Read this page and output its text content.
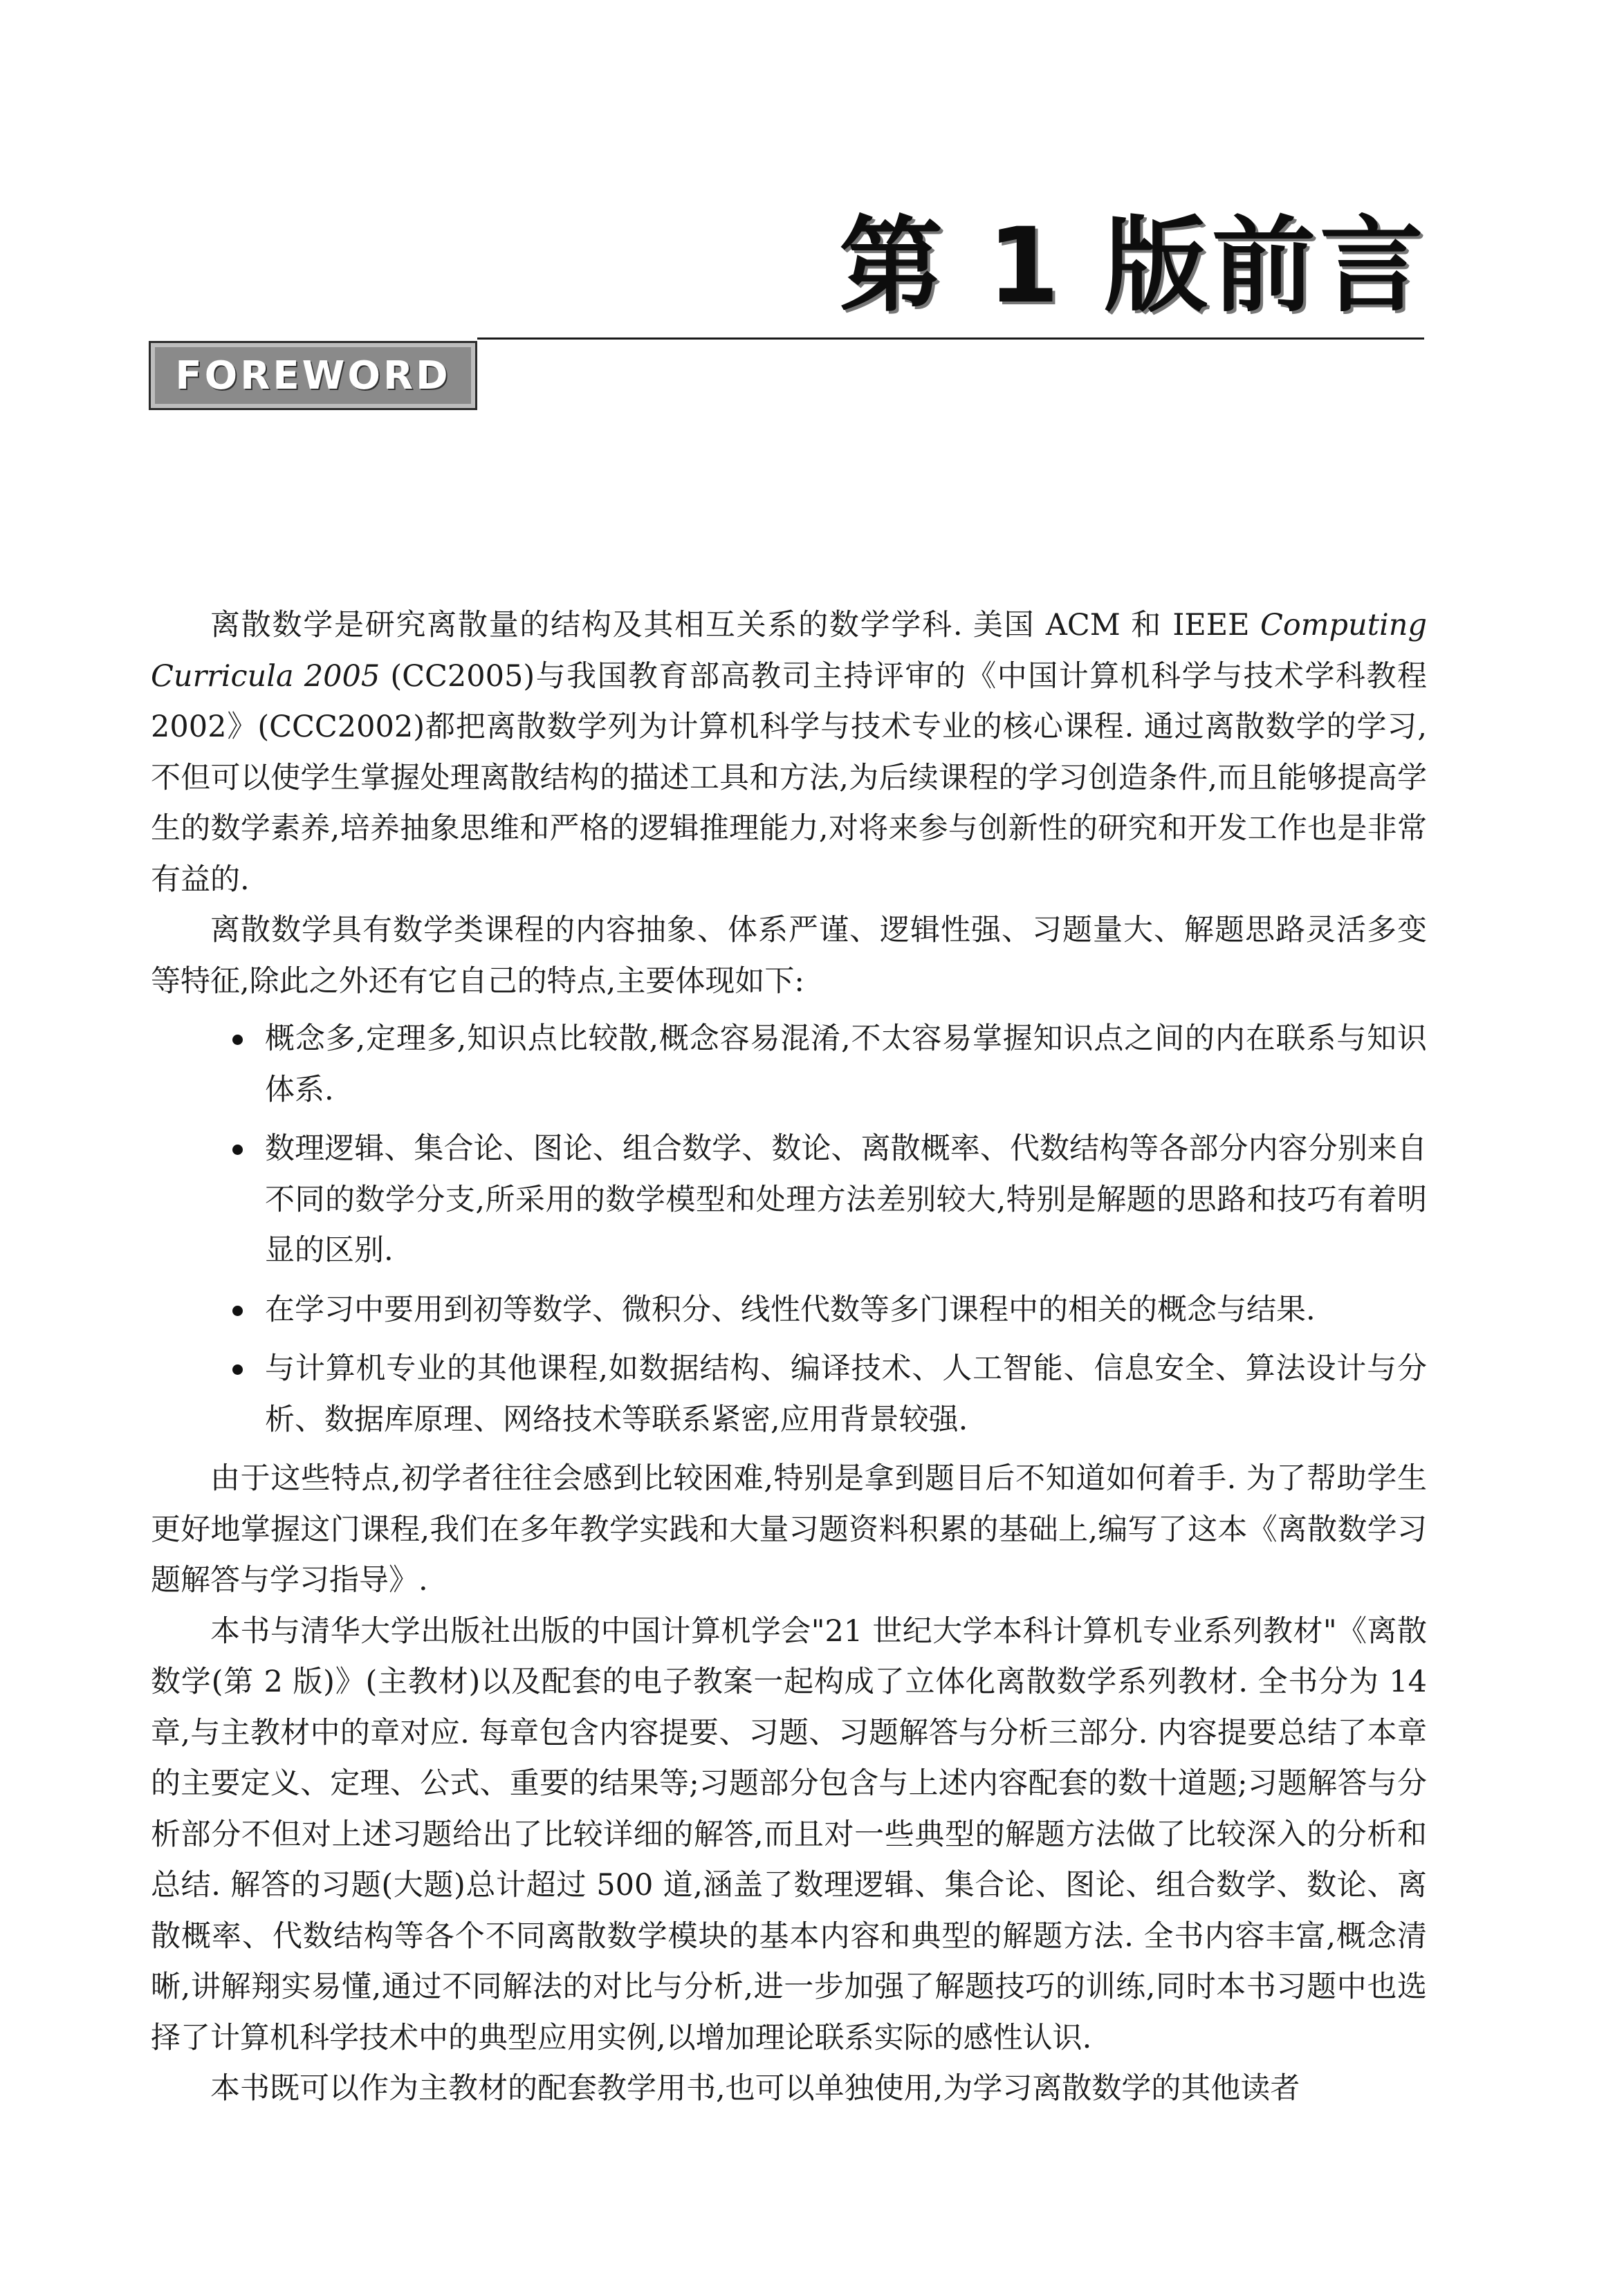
第 1 版前言
FOREWORD

离散数学是研究离散量的结构及其相互关系的数学学科. 美国 ACM 和 IEEE Computing Curricula 2005 (CC2005)与我国教育部高教司主持评审的《中国计算机科学与技术学科教程 2002》(CCC2002)都把离散数学列为计算机科学与技术专业的核心课程. 通过离散数学的学习,不但可以使学生掌握处理离散结构的描述工具和方法,为后续课程的学习创造条件,而且能够提高学生的数学素养,培养抽象思维和严格的逻辑推理能力,对将来参与创新性的研究和开发工作也是非常有益的.

离散数学具有数学类课程的内容抽象、体系严谨、逻辑性强、习题量大、解题思路灵活多变等特征,除此之外还有它自己的特点,主要体现如下:

概念多,定理多,知识点比较散,概念容易混淆,不太容易掌握知识点之间的内在联系与知识体系.
数理逻辑、集合论、图论、组合数学、数论、离散概率、代数结构等各部分内容分别来自不同的数学分支,所采用的数学模型和处理方法差别较大,特别是解题的思路和技巧有着明显的区别.
在学习中要用到初等数学、微积分、线性代数等多门课程中的相关的概念与结果.
与计算机专业的其他课程,如数据结构、编译技术、人工智能、信息安全、算法设计与分析、数据库原理、网络技术等联系紧密,应用背景较强.

由于这些特点,初学者往往会感到比较困难,特别是拿到题目后不知道如何着手. 为了帮助学生更好地掌握这门课程,我们在多年教学实践和大量习题资料积累的基础上,编写了这本《离散数学习题解答与学习指导》.

本书与清华大学出版社出版的中国计算机学会"21 世纪大学本科计算机专业系列教材"《离散数学(第 2 版)》(主教材)以及配套的电子教案一起构成了立体化离散数学系列教材. 全书分为 14 章,与主教材中的章对应. 每章包含内容提要、习题、习题解答与分析三部分. 内容提要总结了本章的主要定义、定理、公式、重要的结果等;习题部分包含与上述内容配套的数十道题;习题解答与分析部分不但对上述习题给出了比较详细的解答,而且对一些典型的解题方法做了比较深入的分析和总结. 解答的习题(大题)总计超过 500 道,涵盖了数理逻辑、集合论、图论、组合数学、数论、离散概率、代数结构等各个不同离散数学模块的基本内容和典型的解题方法. 全书内容丰富,概念清晰,讲解翔实易懂,通过不同解法的对比与分析,进一步加强了解题技巧的训练,同时本书习题中也选择了计算机科学技术中的典型应用实例,以增加理论联系实际的感性认识.

本书既可以作为主教材的配套教学用书,也可以单独使用,为学习离散数学的其他读者
